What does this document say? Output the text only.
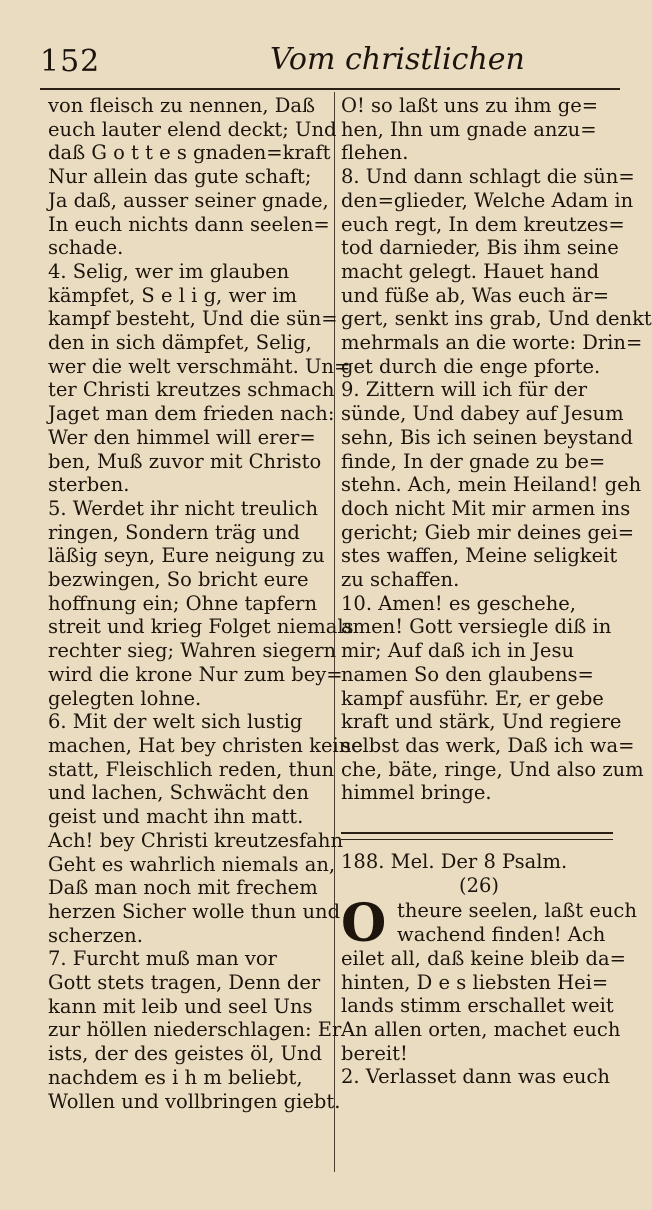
152	Vom christlichen
von fleisch zu nennen, Daß
euch lauter elend deckt; Und
daß G o t t e s gnaden=kraft
Nur allein das gute schaft;
Ja daß, ausser seiner gnade,
In euch nichts dann seelen=
schade.
4. Selig, wer im glauben
kämpfet, S e l i g, wer im
kampf besteht, Und die sün=
den in sich dämpfet, Selig,
wer die welt verschmäht. Un=
ter Christi kreutzes schmach
Jaget man dem frieden nach:
Wer den himmel will erer=
ben, Muß zuvor mit Christo
sterben.
5. Werdet ihr nicht treulich
ringen, Sondern träg und
läßig seyn, Eure neigung zu
bezwingen, So bricht eure
hoffnung ein; Ohne tapfern
streit und krieg Folget niemals
rechter sieg; Wahren siegern
wird die krone Nur zum bey=
gelegten lohne.
6. Mit der welt sich lustig
machen, Hat bey christen keine
statt, Fleischlich reden, thun
und lachen, Schwächt den
geist und macht ihn matt.
Ach! bey Christi kreutzesfahn
Geht es wahrlich niemals an,
Daß man noch mit frechem
herzen Sicher wolle thun und
scherzen.
7. Furcht muß man vor
Gott stets tragen, Denn der
kann mit leib und seel Uns
zur höllen niederschlagen: Er
ists, der des geistes öl, Und
nachdem es i h m beliebt,
Wollen und vollbringen giebt.
O! so laßt uns zu ihm ge=
hen, Ihn um gnade anzu=
flehen.
8. Und dann schlagt die sün=
den=glieder, Welche Adam in
euch regt, In dem kreutzes=
tod darnieder, Bis ihm seine
macht gelegt. Hauet hand
und füße ab, Was euch är=
gert, senkt ins grab, Und denkt
mehrmals an die worte: Drin=
get durch die enge pforte.
9. Zittern will ich für der
sünde, Und dabey auf Jesum
sehn, Bis ich seinen beystand
finde, In der gnade zu be=
stehn. Ach, mein Heiland! geh
doch nicht Mit mir armen ins
gericht; Gieb mir deines gei=
stes waffen, Meine seligkeit
zu schaffen.
10. Amen! es geschehe,
amen! Gott versiegle diß in
mir; Auf daß ich in Jesu
namen So den glaubens=
kampf ausführ. Er, er gebe
kraft und stärk, Und regiere
selbst das werk, Daß ich wa=
che, bäte, ringe, Und also zum
himmel bringe.
188. Mel. Der 8 Psalm.
(26)
O theure seelen, laßt euch
wachend finden! Ach
eilet all, daß keine bleib da=
hinten, D e s liebsten Hei=
lands stimm erschallet weit
An allen orten, machet euch
bereit!
2. Verlasset dann was euch
